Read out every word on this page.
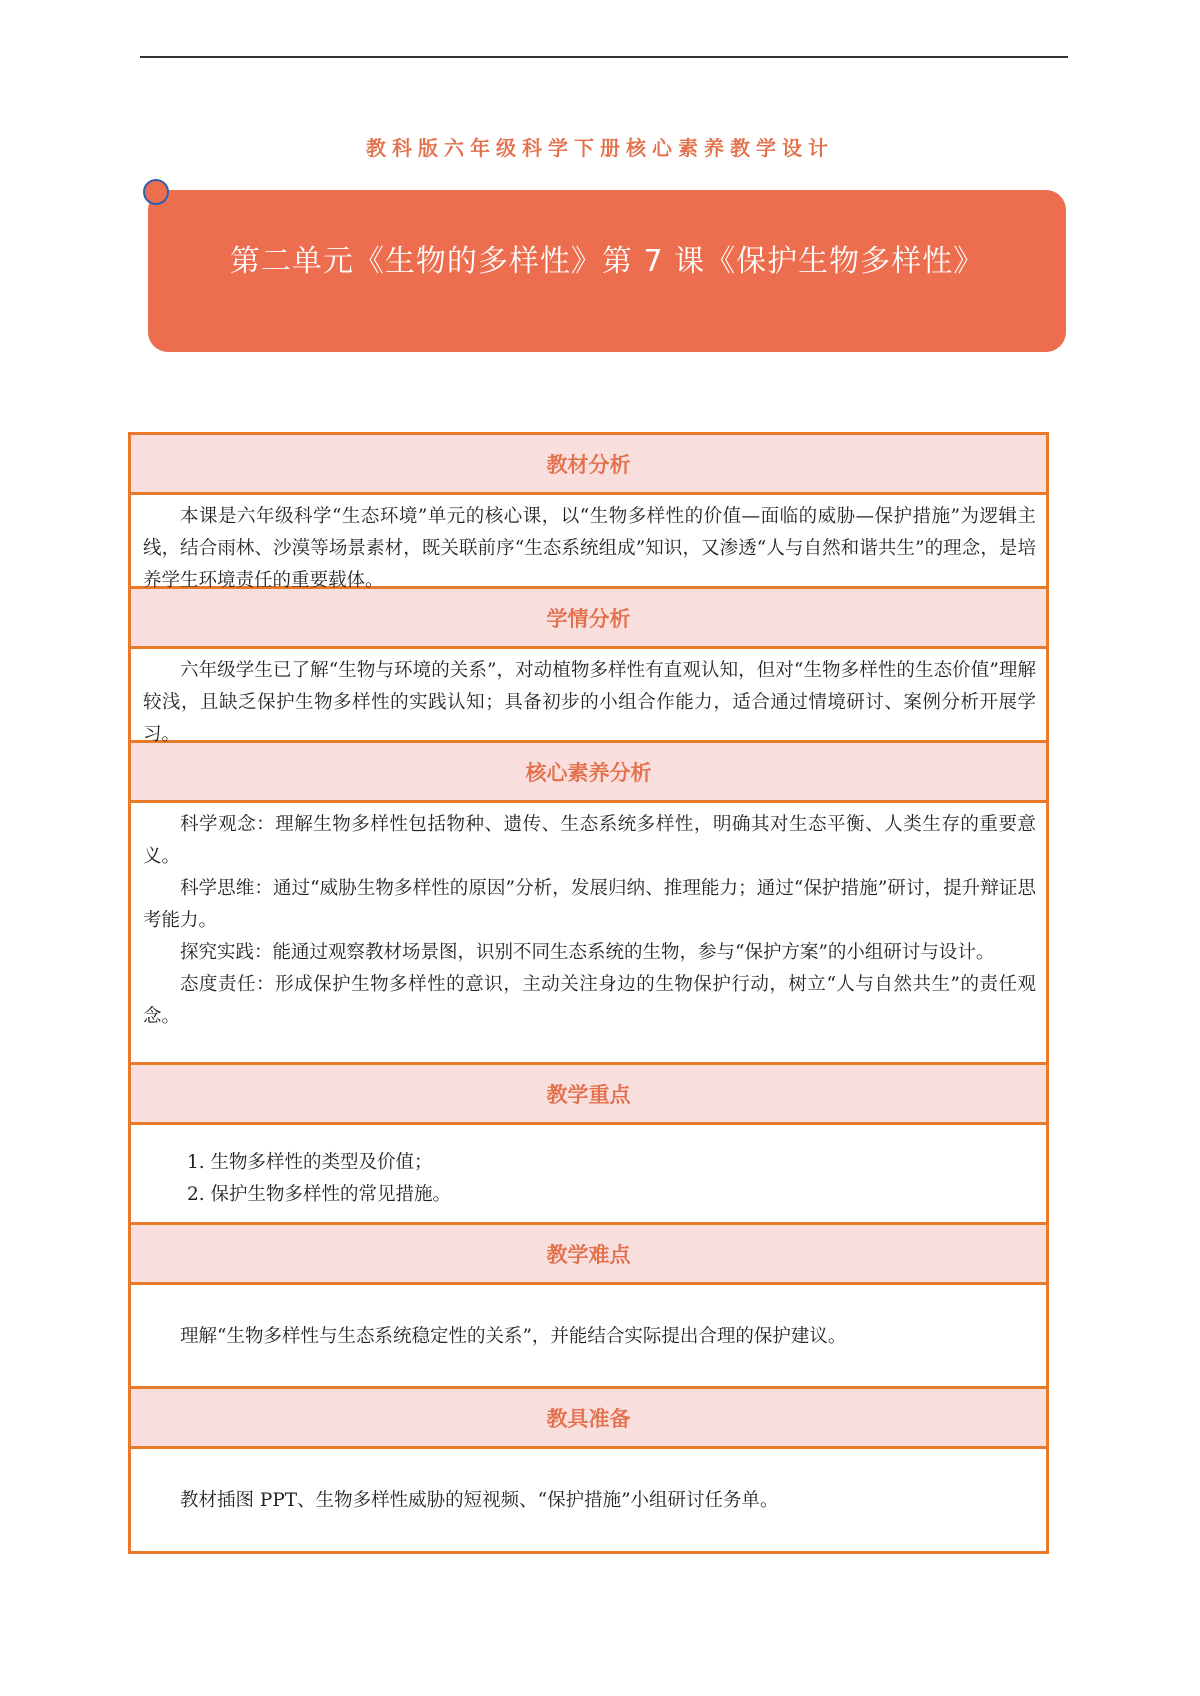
教科版六年级科学下册核心素养教学设计
第二单元《生物的多样性》第 7 课《保护生物多样性》
教材分析

本课是六年级科学“生态环境”单元的核心课，以“生物多样性的价值—面临的威胁—保护措施”为逻辑主线，结合雨林、沙漠等场景素材，既关联前序“生态系统组成”知识，又渗透“人与自然和谐共生”的理念，是培养学生环境责任的重要载体。

学情分析

六年级学生已了解“生物与环境的关系”，对动植物多样性有直观认知，但对“生物多样性的生态价值”理解较浅，且缺乏保护生物多样性的实践认知；具备初步的小组合作能力，适合通过情境研讨、案例分析开展学习。

核心素养分析

科学观念：理解生物多样性包括物种、遗传、生态系统多样性，明确其对生态平衡、人类生存的重要意义。

科学思维：通过“威胁生物多样性的原因”分析，发展归纳、推理能力；通过“保护措施”研讨，提升辩证思考能力。

探究实践：能通过观察教材场景图，识别不同生态系统的生物，参与“保护方案”的小组研讨与设计。

态度责任：形成保护生物多样性的意识，主动关注身边的生物保护行动，树立“人与自然共生”的责任观念。

教学重点

1. 生物多样性的类型及价值；

2. 保护生物多样性的常见措施。

教学难点

理解“生物多样性与生态系统稳定性的关系”，并能结合实际提出合理的保护建议。

教具准备

教材插图 PPT、生物多样性威胁的短视频、“保护措施”小组研讨任务单。
